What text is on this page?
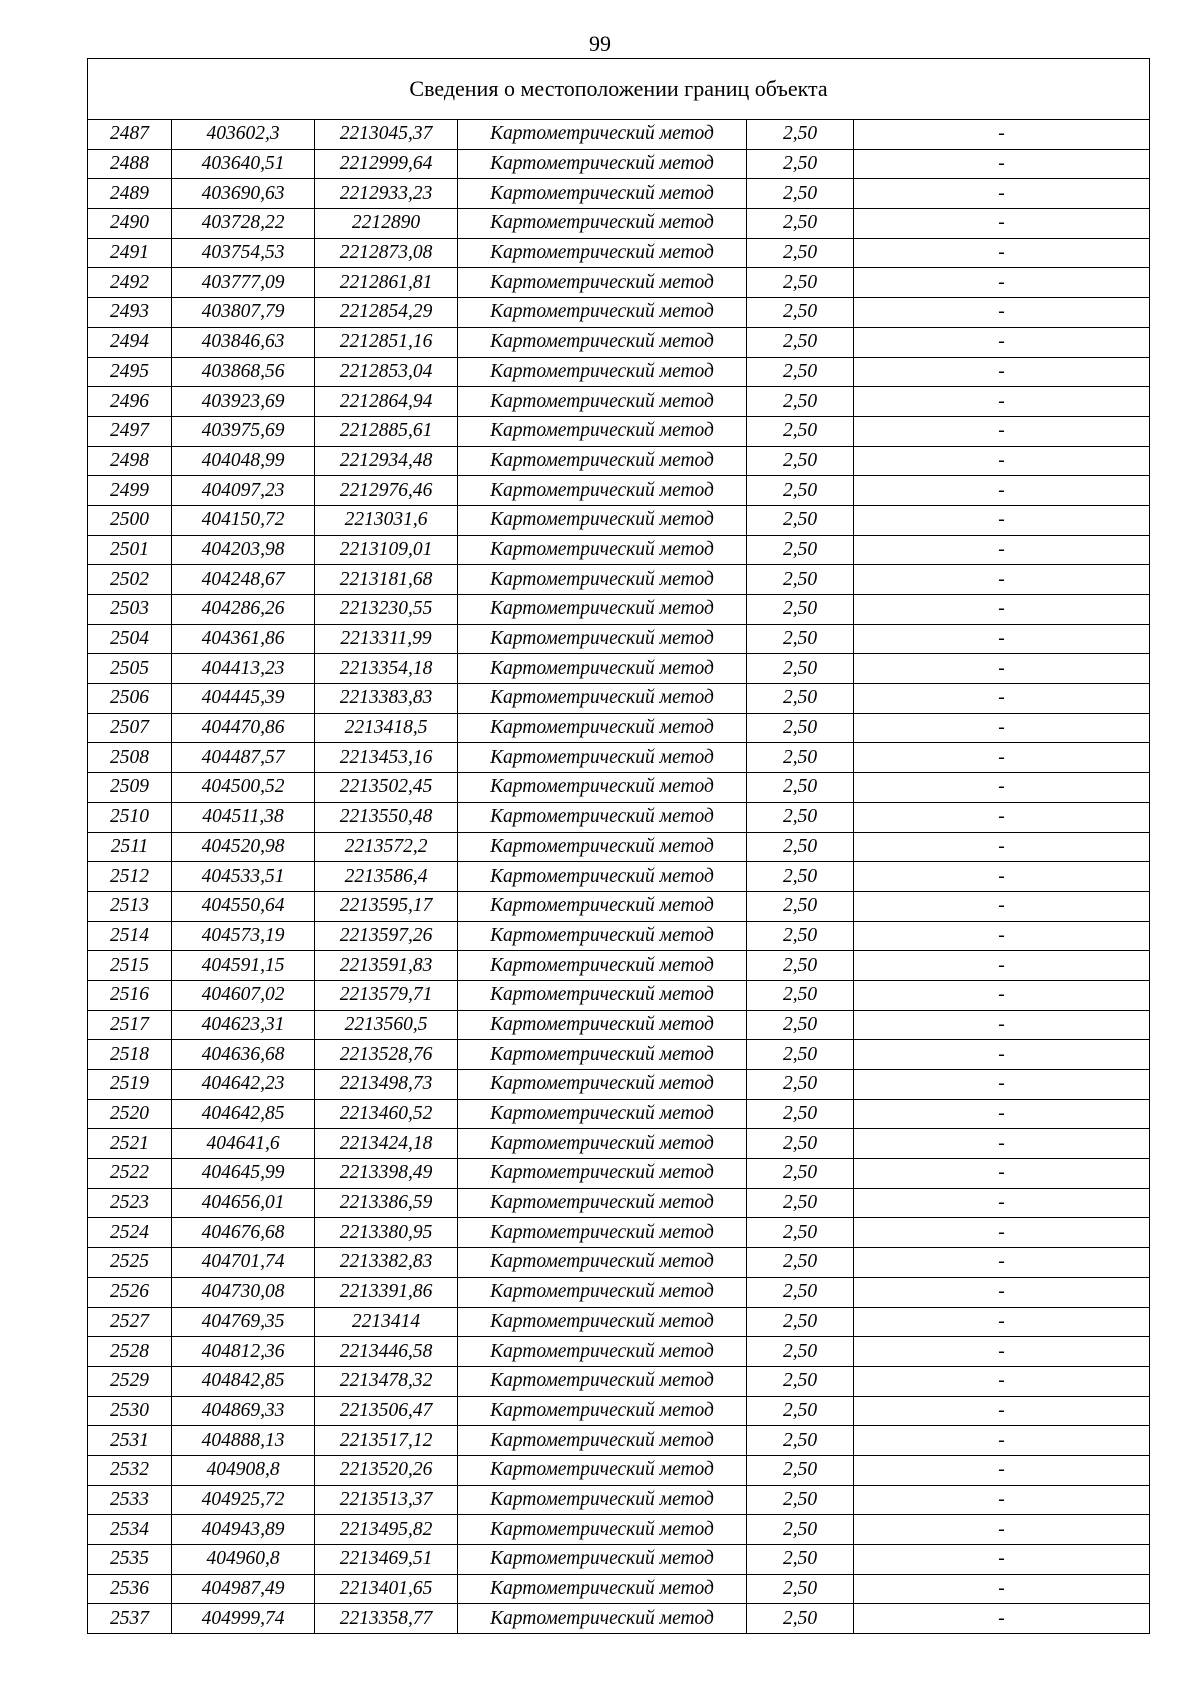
99
Сведения о местоположении границ объекта					
2487	403602,3	2213045,37	Картометрический метод	2,50	-
2488	403640,51	2212999,64	Картометрический метод	2,50	-
2489	403690,63	2212933,23	Картометрический метод	2,50	-
2490	403728,22	2212890	Картометрический метод	2,50	-
2491	403754,53	2212873,08	Картометрический метод	2,50	-
2492	403777,09	2212861,81	Картометрический метод	2,50	-
2493	403807,79	2212854,29	Картометрический метод	2,50	-
2494	403846,63	2212851,16	Картометрический метод	2,50	-
2495	403868,56	2212853,04	Картометрический метод	2,50	-
2496	403923,69	2212864,94	Картометрический метод	2,50	-
2497	403975,69	2212885,61	Картометрический метод	2,50	-
2498	404048,99	2212934,48	Картометрический метод	2,50	-
2499	404097,23	2212976,46	Картометрический метод	2,50	-
2500	404150,72	2213031,6	Картометрический метод	2,50	-
2501	404203,98	2213109,01	Картометрический метод	2,50	-
2502	404248,67	2213181,68	Картометрический метод	2,50	-
2503	404286,26	2213230,55	Картометрический метод	2,50	-
2504	404361,86	2213311,99	Картометрический метод	2,50	-
2505	404413,23	2213354,18	Картометрический метод	2,50	-
2506	404445,39	2213383,83	Картометрический метод	2,50	-
2507	404470,86	2213418,5	Картометрический метод	2,50	-
2508	404487,57	2213453,16	Картометрический метод	2,50	-
2509	404500,52	2213502,45	Картометрический метод	2,50	-
2510	404511,38	2213550,48	Картометрический метод	2,50	-
2511	404520,98	2213572,2	Картометрический метод	2,50	-
2512	404533,51	2213586,4	Картометрический метод	2,50	-
2513	404550,64	2213595,17	Картометрический метод	2,50	-
2514	404573,19	2213597,26	Картометрический метод	2,50	-
2515	404591,15	2213591,83	Картометрический метод	2,50	-
2516	404607,02	2213579,71	Картометрический метод	2,50	-
2517	404623,31	2213560,5	Картометрический метод	2,50	-
2518	404636,68	2213528,76	Картометрический метод	2,50	-
2519	404642,23	2213498,73	Картометрический метод	2,50	-
2520	404642,85	2213460,52	Картометрический метод	2,50	-
2521	404641,6	2213424,18	Картометрический метод	2,50	-
2522	404645,99	2213398,49	Картометрический метод	2,50	-
2523	404656,01	2213386,59	Картометрический метод	2,50	-
2524	404676,68	2213380,95	Картометрический метод	2,50	-
2525	404701,74	2213382,83	Картометрический метод	2,50	-
2526	404730,08	2213391,86	Картометрический метод	2,50	-
2527	404769,35	2213414	Картометрический метод	2,50	-
2528	404812,36	2213446,58	Картометрический метод	2,50	-
2529	404842,85	2213478,32	Картометрический метод	2,50	-
2530	404869,33	2213506,47	Картометрический метод	2,50	-
2531	404888,13	2213517,12	Картометрический метод	2,50	-
2532	404908,8	2213520,26	Картометрический метод	2,50	-
2533	404925,72	2213513,37	Картометрический метод	2,50	-
2534	404943,89	2213495,82	Картометрический метод	2,50	-
2535	404960,8	2213469,51	Картометрический метод	2,50	-
2536	404987,49	2213401,65	Картометрический метод	2,50	-
2537	404999,74	2213358,77	Картометрический метод	2,50	-
